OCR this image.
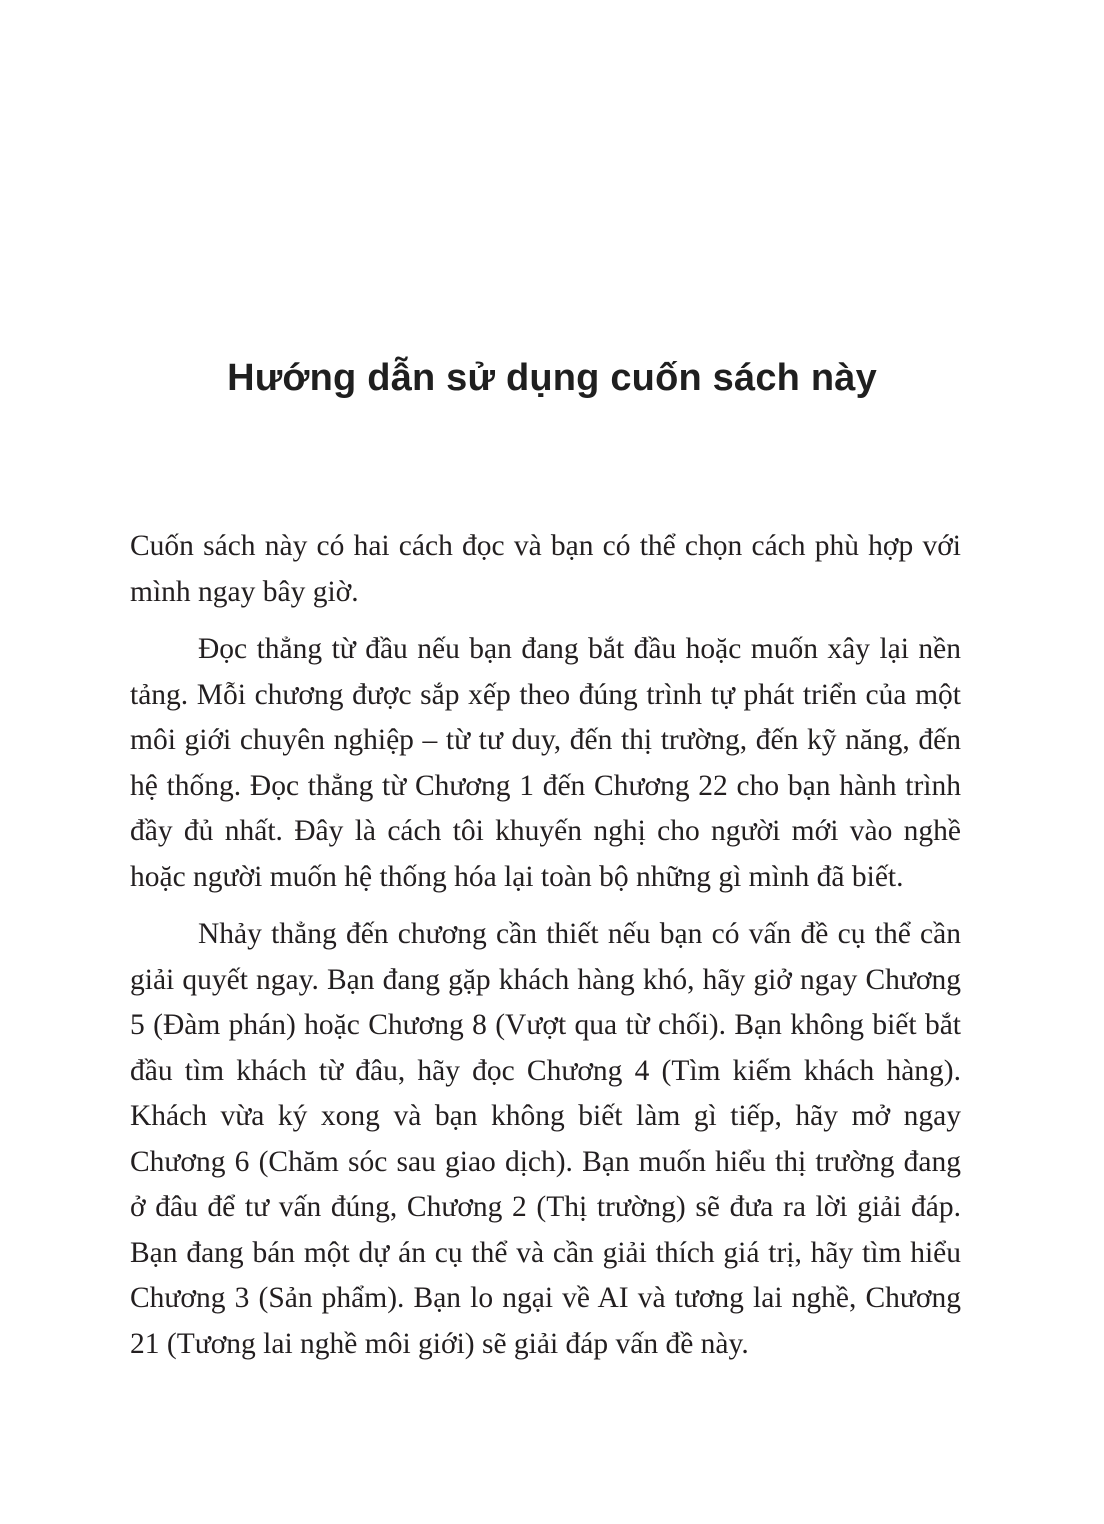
Hướng dẫn sử dụng cuốn sách này

Cuốn sách này có hai cách đọc và bạn có thể chọn cách phù hợp với mình ngay bây giờ.

Đọc thẳng từ đầu nếu bạn đang bắt đầu hoặc muốn xây lại nền tảng. Mỗi chương được sắp xếp theo đúng trình tự phát triển của một môi giới chuyên nghiệp – từ tư duy, đến thị trường, đến kỹ năng, đến hệ thống. Đọc thẳng từ Chương 1 đến Chương 22 cho bạn hành trình đầy đủ nhất. Đây là cách tôi khuyến nghị cho người mới vào nghề hoặc người muốn hệ thống hóa lại toàn bộ những gì mình đã biết.

Nhảy thẳng đến chương cần thiết nếu bạn có vấn đề cụ thể cần giải quyết ngay. Bạn đang gặp khách hàng khó, hãy giở ngay Chương 5 (Đàm phán) hoặc Chương 8 (Vượt qua từ chối). Bạn không biết bắt đầu tìm khách từ đâu, hãy đọc Chương 4 (Tìm kiếm khách hàng). Khách vừa ký xong và bạn không biết làm gì tiếp, hãy mở ngay Chương 6 (Chăm sóc sau giao dịch). Bạn muốn hiểu thị trường đang ở đâu để tư vấn đúng, Chương 2 (Thị trường) sẽ đưa ra lời giải đáp. Bạn đang bán một dự án cụ thể và cần giải thích giá trị, hãy tìm hiểu Chương 3 (Sản phẩm). Bạn lo ngại về AI và tương lai nghề, Chương 21 (Tương lai nghề môi giới) sẽ giải đáp vấn đề này.
